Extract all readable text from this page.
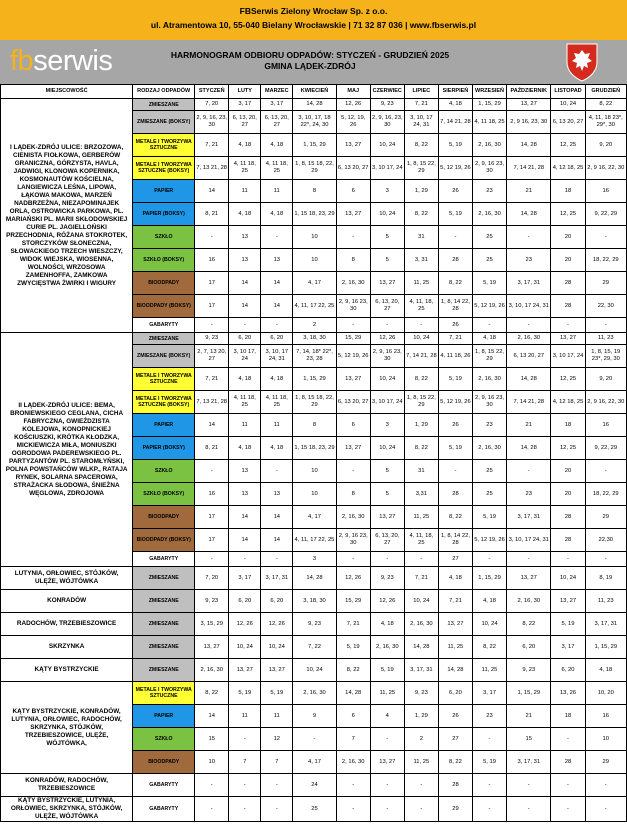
FBSerwis Zielony Wrocław Sp. z o.o.
ul. Atramentowa 10, 55-040 Bielany Wrocławskie | 71 32 87 036 | www.fbserwis.pl
fbserwis	HARMONOGRAM ODBIORU ODPADÓW: STYCZEŃ - GRUDZIEŃ 2025
GMINA LĄDEK-ZDRÓJ
MIEJSCOWOŚĆ	RODZAJ ODPADÓW	STYCZEŃ	LUTY	MARZEC	KWIECIEŃ	MAJ	CZERWIEC	LIPIEC	SIERPIEŃ	WRZESIEŃ	PAŹDZIERNIK	LISTOPAD	GRUDZIEŃ
I LĄDEK-ZDRÓJ ULICE: BRZOZOWA, CIENISTA FIOŁKOWA, GERBERÓW GRANICZNA, GÓRZYSTA, HAVLA, JADWIGI, KLONOWA KOPERNIKA, KOSMONAUTÓW KOŚCIELNA, LANGIEWICZA LEŚNA, LIPOWA, ŁĄKOWA MAKOWA, MARZEŃ NADBRZEŻNA, NIEZAPOMINAJEK ORLA, OSTROWICKA PARKOWA, PL. MARIAŃSKI PL. MARII SKŁODOWSKIEJ CURIE PL. JAGIELLOŃSKI PRZECHODNIA, RÓŻANA STOKROTEK, STORCZYKÓW SŁONECZNA, SŁOWACKIEGO TRZECH WIESZCZY, WIDOK WIEJSKA, WIOSENNA, WOLNOŚCI, WRZOSOWA ZAMENHOFFA, ZAMKOWA ZWYCIĘSTWA ŻWIRKI I WIGURY	ZMIESZANE	7, 20	3, 17	3, 17	14, 28	12, 26	9, 23	7, 21	4, 18	1, 15, 29	13, 27	10, 24	8, 22
	ZMIESZANE (BOKSY)	2, 9, 16, 23, 30	6, 13, 20, 27	6, 13, 20, 27	3, 10, 17, 18 22*, 24, 30	5, 12, 19, 26	2, 9, 16, 23, 30	3, 10, 17 24, 31	7, 14 21, 28	4, 11 18, 25	2, 9 16, 23, 30	6, 13 20, 27	4, 11, 18 23*, 29*, 30
	METALE I TWORZYWA SZTUCZNE	7, 21	4, 18	4, 18	1, 15, 29	13, 27	10, 24	8, 22	5, 19	2, 16, 30	14, 28	12, 25	9, 20
	METALE I TWORZYWA SZTUCZNE (BOKSY)	7, 13 21, 28	4, 11 18, 25	4, 11 18, 25	1, 8, 15 18, 22, 29	6, 13 20, 27	3, 10 17, 24	1, 8, 15 22, 29	5, 12 19, 26	2, 9, 16 23, 30	7, 14 21, 28	4, 12 18, 25	2, 9 16, 22, 30
	PAPIER	14	11	11	8	6	3	1, 29	26	23	21	18	16
	PAPIER (BOKSY)	8, 21	4, 18	4, 18	1, 15 18, 23, 29	13, 27	10, 24	8, 22	5, 19	2, 16, 30	14, 28	12, 25	9, 22, 29
	SZKŁO	-	13	-	10	-	5	31	-	25	-	20	-
	SZKŁO (BOKSY)	16	13	13	10	8	5	3, 31	28	25	23	20	18, 22, 29
	BIOODPADY	17	14	14	4, 17	2, 16, 30	13, 27	11, 25	8, 22	5, 19	3, 17, 31	28	29
	BIOODPADY (BOKSY)	17	14	14	4, 11, 17 22, 25	2, 9, 16 23, 30	6, 13, 20, 27	4, 11, 18, 25	1, 8, 14 22, 28	5, 12 19, 26	3, 10, 17 24, 31	28	22, 30
	GABARYTY	-	-	-	2	-	-	-	26	-	-	-	-
II LĄDEK-ZDRÓJ ULICE: BEMA, BRONIEWSKIEGO CEGLANA, CICHA FABRYCZNA, GWIEŹDZISTA KOLEJOWA, KONOPNICKIEJ KOŚCIUSZKI, KRÓTKA KŁODZKA, MICKIEWICZA MIŁA, MONIUSZKI OGRODOWA PADEREWSKIEGO PL. PARTYZANTÓW PL. STAROMŁYŃSKI, POLNA POWSTAŃCÓW WLKP., RATAJA RYNEK, SOLARNA SPACEROWA, STRAŻACKA SŁODOWA, ŚNIEŻNA WĘGLOWA, ZDROJOWA	ZMIESZANE	9, 23	6, 20	6, 20	3, 18, 30	15, 29	12, 26	10, 24	7, 21	4, 18	2, 16, 30	13, 27	11, 23
	ZMIESZANE (BOKSY)	2, 7, 13 20, 27	3, 10 17, 24	3, 10, 17 24, 31	7, 14, 18* 22*, 23, 28	5, 12 19, 26	2, 9, 16 23, 30	7, 14 21, 28	4, 11 18, 26	1, 8, 15 22, 29	6, 13 20, 27	3, 10 17, 24	1, 8, 15, 19 23*, 29, 30
	METALE I TWORZYWA SZTUCZNE	7, 21	4, 18	4, 18	1, 15, 29	13, 27	10, 24	8, 22	5, 19	2, 16, 30	14, 28	12, 25	9, 20
	METALE I TWORZYWA SZTUCZNE (BOKSY)	7, 13 21, 28	4, 11 18, 25	4, 11 18, 25	1, 8, 15 18, 22, 29	6, 13 20, 27	3, 10 17, 24	1, 8, 15 22, 29	5, 12 19, 26	2, 9, 16 23, 30	7, 14 21, 28	4, 12 18, 25	2, 9 16, 22, 30
	PAPIER	14	11	11	8	6	3	1, 29	26	23	21	18	16
	PAPIER (BOKSY)	8, 21	4, 18	4, 18	1, 15 18, 23, 29	13, 27	10, 24	8, 22	5, 19	2, 16, 30	14, 28	12, 25	9, 22, 29
	SZKŁO	-	13	-	10	-	5	31	-	25	-	20	-
	SZKŁO (BOKSY)	16	13	13	10	8	5	3,31	28	25	23	20	18, 22, 29
	BIOODPADY	17	14	14	4, 17	2, 16, 30	13, 27	11, 25	8, 22	5, 19	3, 17, 31	28	29
	BIOODPADY (BOKSY)	17	14	14	4, 11, 17 22, 25	2, 9, 16 23, 30	6, 13, 20, 27	4, 11, 18, 25	1, 8, 14 22, 28	5, 12 19, 26	3, 10, 17 24, 31	28	22,30
	GABARYTY	-	-	-	3	-	-	-	27	-	-	-	-
LUTYNIA, ORŁOWIEC, STÓJKÓW, ULĘŻE, WÓJTÓWKA	ZMIESZANE	7, 20	3, 17	3, 17, 31	14, 28	12, 26	9, 23	7, 21	4, 18	1, 15, 29	13, 27	10, 24	8, 19
KONRADÓW	ZMIESZANE	9, 23	6, 20	6, 20	3, 18, 30	15, 29	12, 26	10, 24	7, 21	4, 18	2, 16, 30	13, 27	11, 23
RADOCHÓW, TRZEBIESZOWICE	ZMIESZANE	3, 15, 29	12, 26	12, 26	9, 23	7, 21	4, 18	2, 16, 30	13, 27	10, 24	8, 22	5, 19	3, 17, 31
SKRZYNKA	ZMIESZANE	13, 27	10, 24	10, 24	7, 22	5, 19	2, 16, 30	14, 28	11, 25	8, 22	6, 20	3, 17	1, 15, 29
KĄTY BYSTRZYCKIE	ZMIESZANE	2, 16, 30	13, 27	13, 27	10, 24	8, 22	5, 19	3, 17, 31	14, 28	11, 25	9, 23	6, 20	4, 18
KĄTY BYSTRZYCKIE, KONRADÓW, LUTYNIA, ORŁOWIEC, RADOCHÓW, SKRZYNKA, STÓJKÓW, TRZEBIESZOWICE, ULĘŻE, WÓJTÓWKA,	METALE I TWORZYWA SZTUCZNE	8, 22	5, 19	5, 19	2, 16, 30	14, 28	11, 25	9, 23	6, 20	3, 17	1, 15, 29	13, 26	10, 20
	PAPIER	14	11	11	9	6	4	1, 29	26	23	21	18	16
	SZKŁO	15	-	12	-	7	-	2	27	-	15	-	10
	BIOODPADY	10	7	7	4, 17	2, 16, 30	13, 27	11, 25	8, 22	5, 19	3, 17, 31	28	29
KONRADÓW, RADOCHÓW, TRZEBIESZOWICE	GABARYTY	-	-	-	24	-	-	-	28	-	-	-	-
KĄTY BYSTRZYCKIE, LUTYNIA, ORŁOWIEC, SKRZYNKA, STÓJKÓW, ULĘŻE, WÓJTÓWKA	GABARYTY	-	-	-	25	-	-	-	29	-	-	-	-
